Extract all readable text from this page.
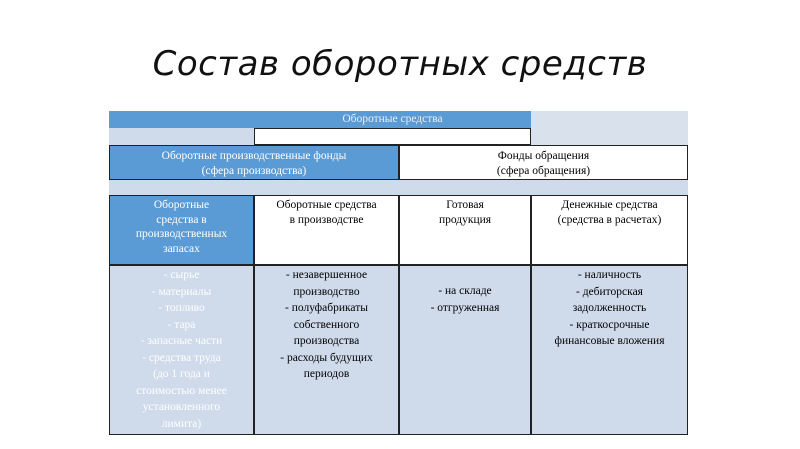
Состав оборотных средств
Оборотные средства
Оборотные производственные фонды
(сфера производства)
Фонды обращения
(сфера обращения)
Оборотные
средства в
производственных
запасах
Оборотные средства
в производстве
Готовая
продукция
Денежные средства
(средства в расчетах)
- сырье
- материалы
- топливо
- тара
- запасные части
- средства труда
(до 1 года и
стоимостью менее
установленного
лимита)
- незавершенное
производство
- полуфабрикаты
собственного
производства
- расходы будущих
периодов
- на складе
- отгруженная
- наличность
- дебиторская
задолженность
- краткосрочные
финансовые вложения
